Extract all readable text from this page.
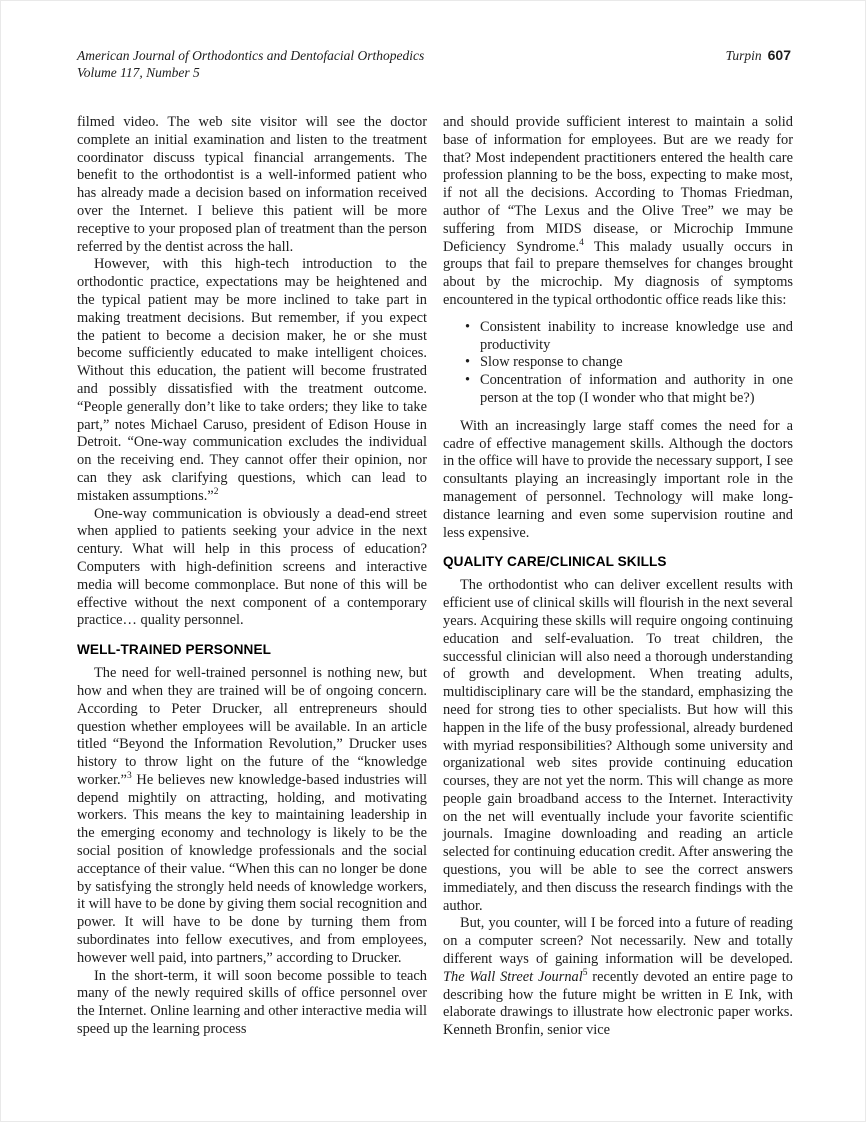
American Journal of Orthodontics and Dentofacial Orthopedics
Volume 117, Number 5
Turpin 607

filmed video. The web site visitor will see the doctor complete an initial examination and listen to the treatment coordinator discuss typical financial arrangements. The benefit to the orthodontist is a well-informed patient who has already made a decision based on information received over the Internet. I believe this patient will be more receptive to your proposed plan of treatment than the person referred by the dentist across the hall.

However, with this high-tech introduction to the orthodontic practice, expectations may be heightened and the typical patient may be more inclined to take part in making treatment decisions. But remember, if you expect the patient to become a decision maker, he or she must become sufficiently educated to make intelligent choices. Without this education, the patient will become frustrated and possibly dissatisfied with the treatment outcome. “People generally don’t like to take orders; they like to take part,” notes Michael Caruso, president of Edison House in Detroit. “One-way communication excludes the individual on the receiving end. They cannot offer their opinion, nor can they ask clarifying questions, which can lead to mistaken assumptions.”$^2$

One-way communication is obviously a dead-end street when applied to patients seeking your advice in the next century. What will help in this process of education? Computers with high-definition screens and interactive media will become commonplace. But none of this will be effective without the next component of a contemporary practice… quality personnel.

WELL-TRAINED PERSONNEL

The need for well-trained personnel is nothing new, but how and when they are trained will be of ongoing concern. According to Peter Drucker, all entrepreneurs should question whether employees will be available. In an article titled “Beyond the Information Revolution,” Drucker uses history to throw light on the future of the “knowledge worker.”$^3$ He believes new knowledge-based industries will depend mightily on attracting, holding, and motivating workers. This means the key to maintaining leadership in the emerging economy and technology is likely to be the social position of knowledge professionals and the social acceptance of their value. “When this can no longer be done by satisfying the strongly held needs of knowledge workers, it will have to be done by giving them social recognition and power. It will have to be done by turning them from subordinates into fellow executives, and from employees, however well paid, into partners,” according to Drucker.

In the short-term, it will soon become possible to teach many of the newly required skills of office personnel over the Internet. Online learning and other interactive media will speed up the learning process

and should provide sufficient interest to maintain a solid base of information for employees. But are we ready for that? Most independent practitioners entered the health care profession planning to be the boss, expecting to make most, if not all the decisions. According to Thomas Friedman, author of “The Lexus and the Olive Tree” we may be suffering from MIDS disease, or Microchip Immune Deficiency Syndrome.$^4$ This malady usually occurs in groups that fail to prepare themselves for changes brought about by the microchip. My diagnosis of symptoms encountered in the typical orthodontic office reads like this:

• Consistent inability to increase knowledge use and productivity
• Slow response to change
• Concentration of information and authority in one person at the top (I wonder who that might be?)

With an increasingly large staff comes the need for a cadre of effective management skills. Although the doctors in the office will have to provide the necessary support, I see consultants playing an increasingly important role in the management of personnel. Technology will make long-distance learning and even some supervision routine and less expensive.

QUALITY CARE/CLINICAL SKILLS

The orthodontist who can deliver excellent results with efficient use of clinical skills will flourish in the next several years. Acquiring these skills will require ongoing continuing education and self-evaluation. To treat children, the successful clinician will also need a thorough understanding of growth and development. When treating adults, multidisciplinary care will be the standard, emphasizing the need for strong ties to other specialists. But how will this happen in the life of the busy professional, already burdened with myriad responsibilities? Although some university and organizational web sites provide continuing education courses, they are not yet the norm. This will change as more people gain broadband access to the Internet. Interactivity on the net will eventually include your favorite scientific journals. Imagine downloading and reading an article selected for continuing education credit. After answering the questions, you will be able to see the correct answers immediately, and then discuss the research findings with the author.

But, you counter, will I be forced into a future of reading on a computer screen? Not necessarily. New and totally different ways of gaining information will be developed. The Wall Street Journal$^5$ recently devoted an entire page to describing how the future might be written in E Ink, with elaborate drawings to illustrate how electronic paper works. Kenneth Bronfin, senior vice
